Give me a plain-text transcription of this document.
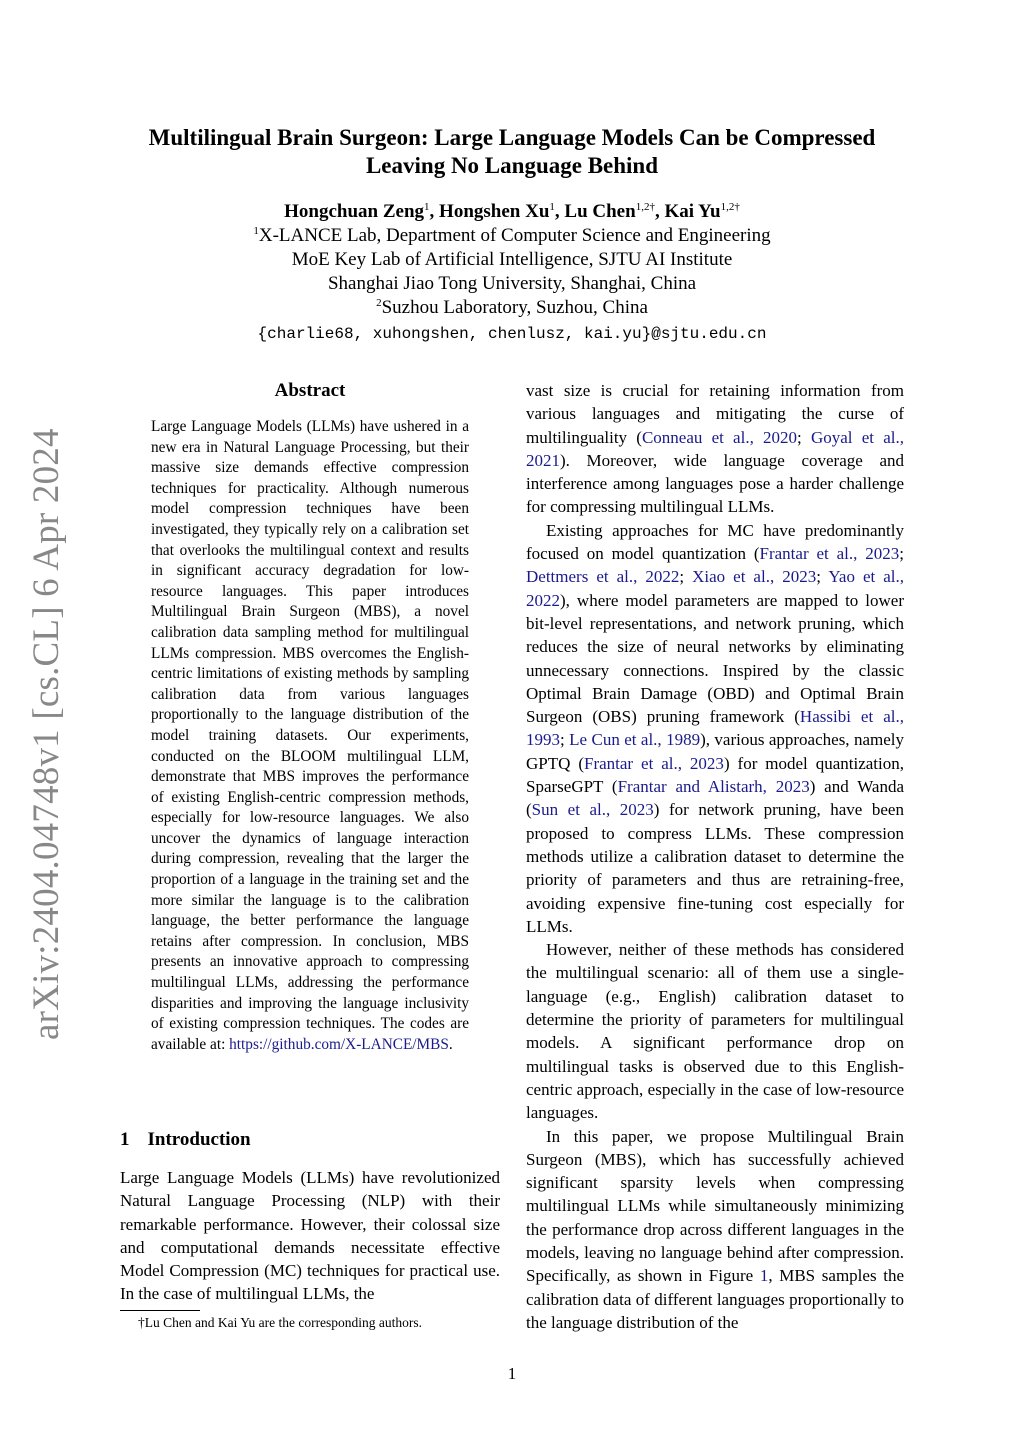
arXiv:2404.04748v1 [cs.CL] 6 Apr 2024
Multilingual Brain Surgeon: Large Language Models Can be Compressed
Leaving No Language Behind
Hongchuan Zeng$^1$, Hongshen Xu$^1$, Lu Chen$^{1,2\dagger}$, Kai $Yu^{1,2\dagger}$
$^1$X-LANCE Lab, Department of Computer Science and Engineering
MoE Key Lab of Artificial Intelligence, SJTU AI Institute
Shanghai Jiao Tong University, Shanghai, China
$^2$Suzhou Laboratory, Suzhou, China
{charlie68, xuhongshen, chenlusz, kai.yu}@sjtu.edu.cn
Abstract
Large Language Models (LLMs) have ushered in a new era in Natural Language Processing, but their massive size demands effective compression techniques for practicality. Although numerous model compression techniques have been investigated, they typically rely on a calibration set that overlooks the multilingual context and results in significant accuracy degradation for low-resource languages. This paper introduces Multilingual Brain Surgeon (MBS), a novel calibration data sampling method for multilingual LLMs compression. MBS overcomes the English-centric limitations of existing methods by sampling calibration data from various languages proportionally to the language distribution of the model training datasets. Our experiments, conducted on the BLOOM multilingual LLM, demonstrate that MBS improves the performance of existing English-centric compression methods, especially for low-resource languages. We also uncover the dynamics of language interaction during compression, revealing that the larger the proportion of a language in the training set and the more similar the language is to the calibration language, the better performance the language retains after compression. In conclusion, MBS presents an innovative approach to compressing multilingual LLMs, addressing the performance disparities and improving the language inclusivity of existing compression techniques. The codes are available at: https://github.com/X-LANCE/MBS.
1 Introduction
Large Language Models (LLMs) have revolutionized Natural Language Processing (NLP) with their remarkable performance. However, their colossal size and computational demands necessitate effective Model Compression (MC) techniques for practical use. In the case of multilingual LLMs, the
†Lu Chen and Kai Yu are the corresponding authors.

vast size is crucial for retaining information from various languages and mitigating the curse of multilinguality (Conneau et al., 2020; Goyal et al., 2021). Moreover, wide language coverage and interference among languages pose a harder challenge for compressing multilingual LLMs.

Existing approaches for MC have predominantly focused on model quantization (Frantar et al., 2023; Dettmers et al., 2022; Xiao et al., 2023; Yao et al., 2022), where model parameters are mapped to lower bit-level representations, and network pruning, which reduces the size of neural networks by eliminating unnecessary connections. Inspired by the classic Optimal Brain Damage (OBD) and Optimal Brain Surgeon (OBS) pruning framework (Hassibi et al., 1993; Le Cun et al., 1989), various approaches, namely GPTQ (Frantar et al., 2023) for model quantization, SparseGPT (Frantar and Alistarh, 2023) and Wanda (Sun et al., 2023) for network pruning, have been proposed to compress LLMs. These compression methods utilize a calibration dataset to determine the priority of parameters and thus are retraining-free, avoiding expensive fine-tuning cost especially for LLMs.

However, neither of these methods has considered the multilingual scenario: all of them use a single-language (e.g., English) calibration dataset to determine the priority of parameters for multilingual models. A significant performance drop on multilingual tasks is observed due to this English-centric approach, especially in the case of low-resource languages.

In this paper, we propose Multilingual Brain Surgeon (MBS), which has successfully achieved significant sparsity levels when compressing multilingual LLMs while simultaneously minimizing the performance drop across different languages in the models, leaving no language behind after compression. Specifically, as shown in Figure 1, MBS samples the calibration data of different languages proportionally to the language distribution of the

1
